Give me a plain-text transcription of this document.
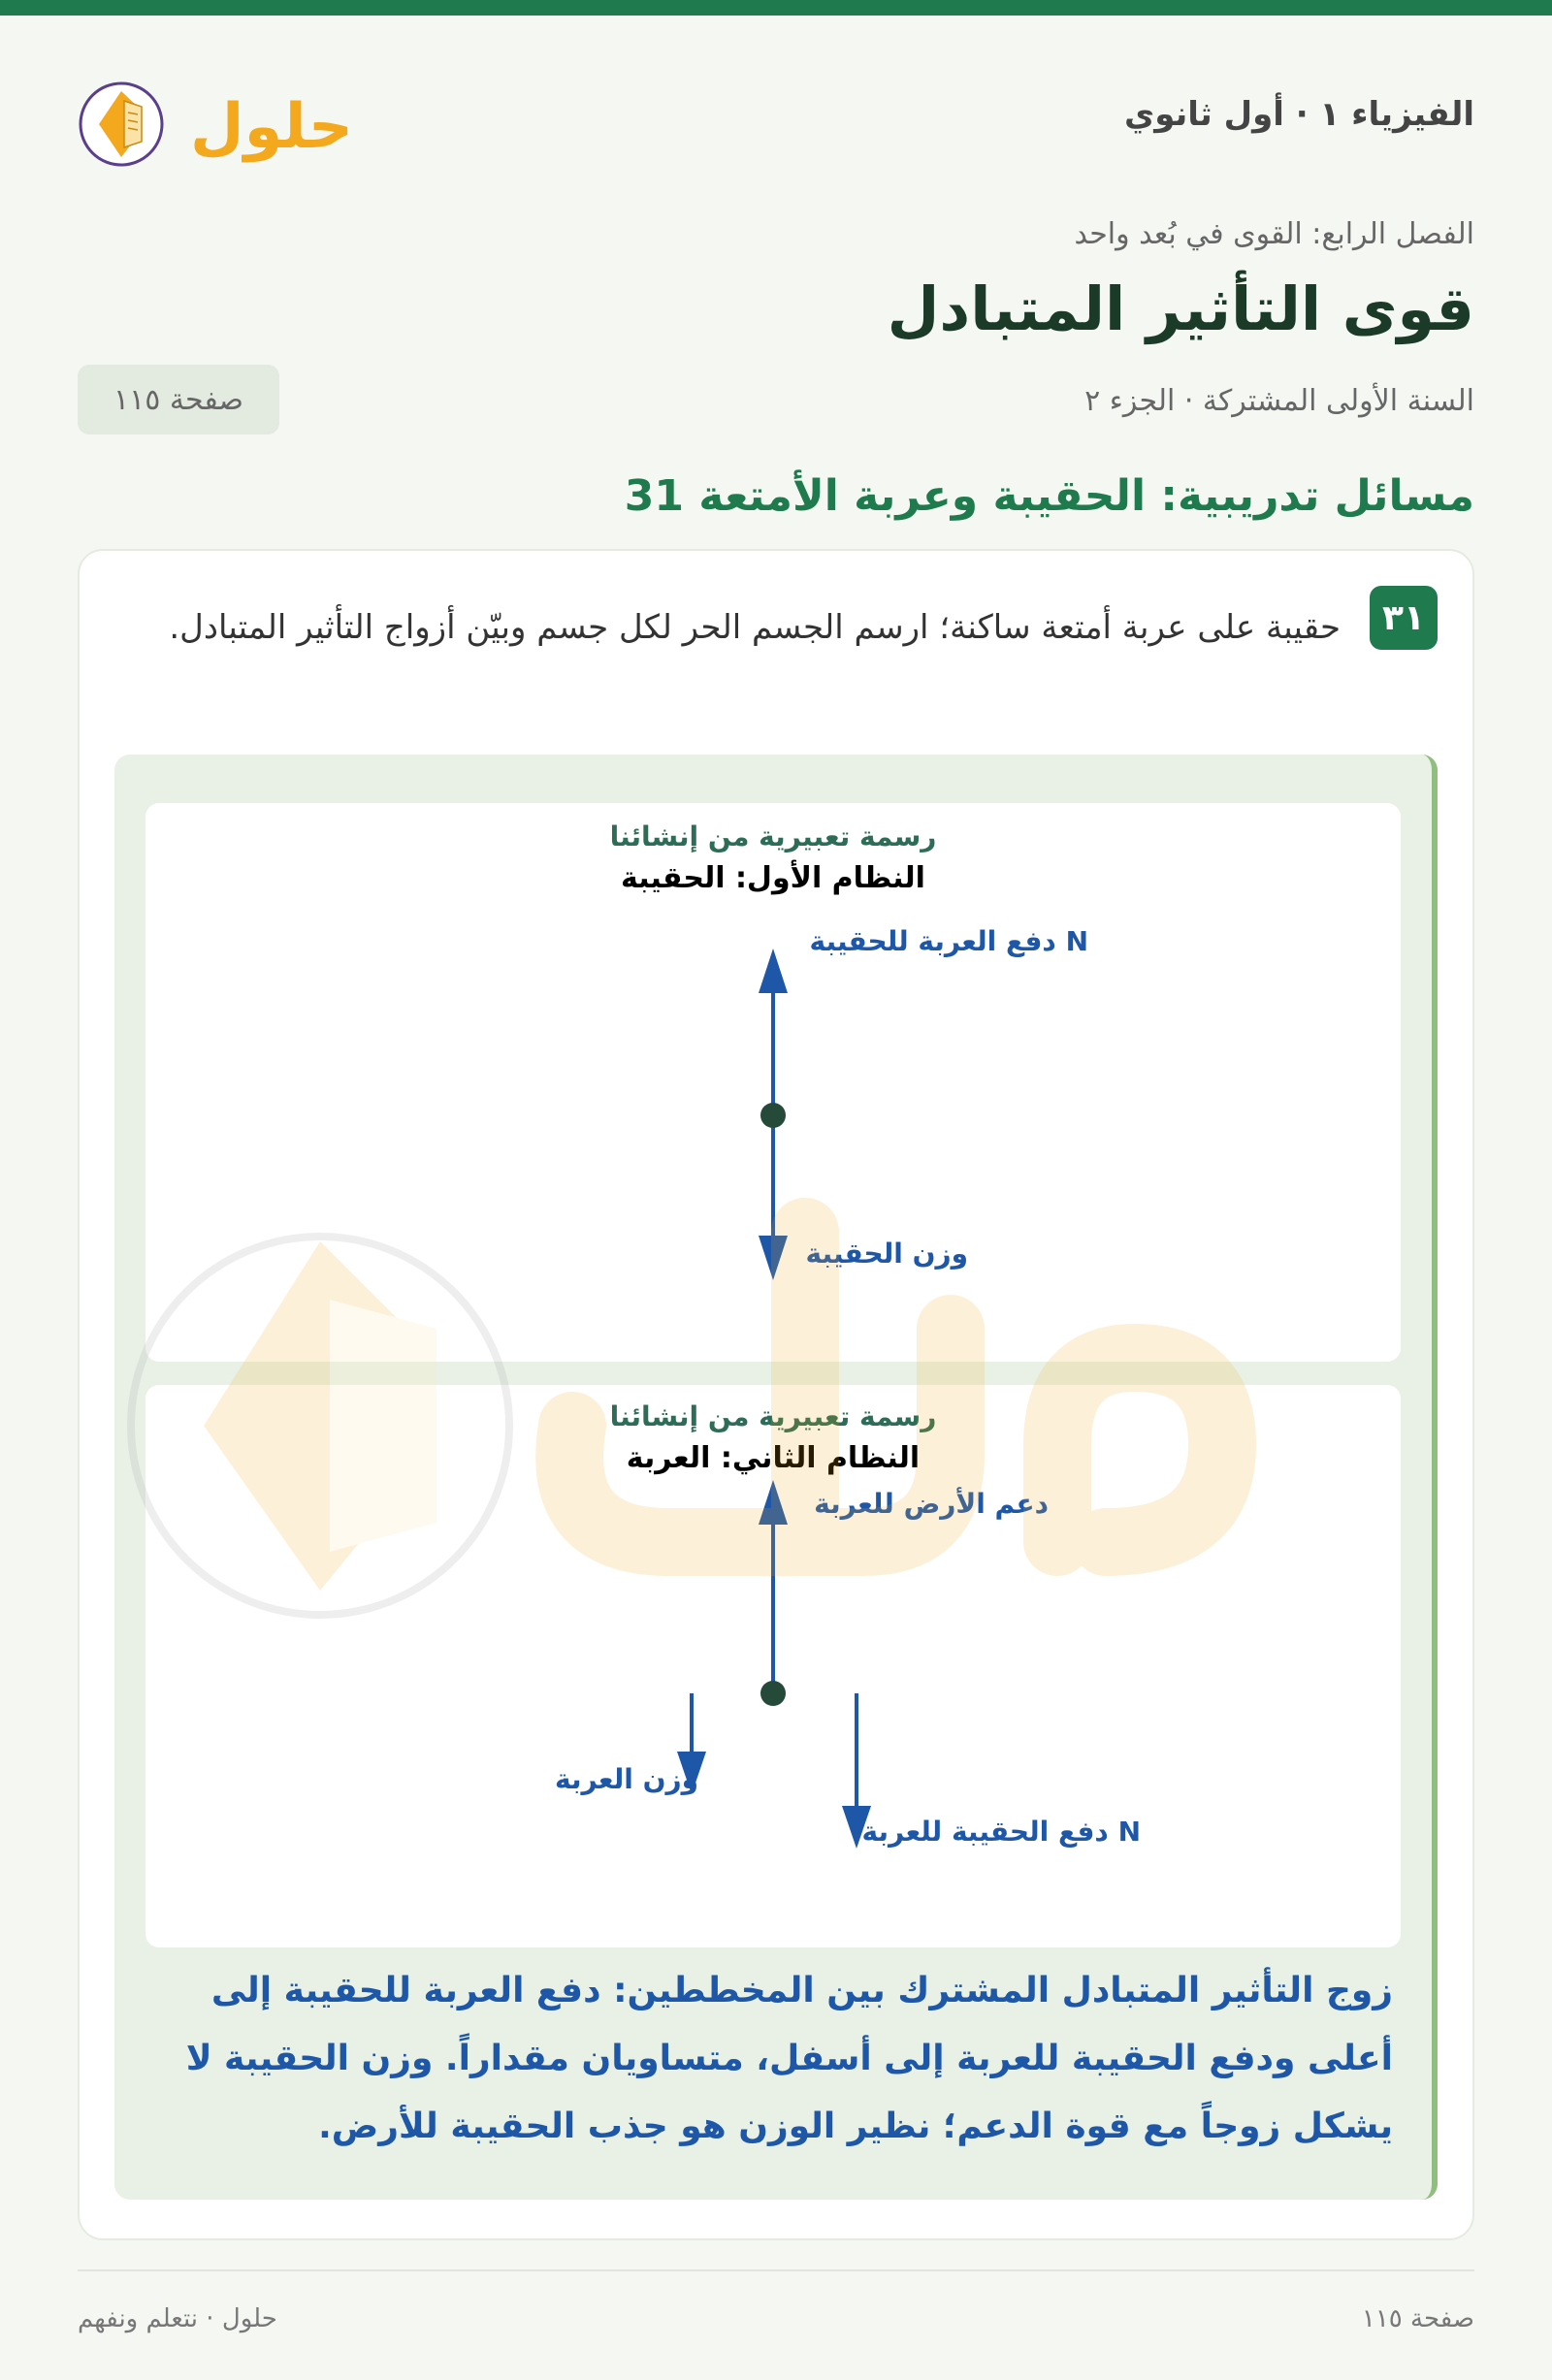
الفيزياء ١ · أول ثانوي
حلول
الفصل الرابع: القوى في بُعد واحد
قوى التأثير المتبادل
السنة الأولى المشتركة · الجزء ٢
صفحة ١١٥
مسائل تدريبية: الحقيبة وعربة الأمتعة 31
٣١
حقيبة على عربة أمتعة ساكنة؛ ارسم الجسم الحر لكل جسم وبيّن أزواج التأثير المتبادل.
رسمة تعبيرية من إنشائنا
النظام الأول: الحقيبة
N دفع العربة للحقيبة
وزن الحقيبة
رسمة تعبيرية من إنشائنا
النظام الثاني: العربة
دعم الأرض للعربة
وزن العربة
N دفع الحقيبة للعربة
زوج التأثير المتبادل المشترك بين المخططين: دفع العربة للحقيبة إلى أعلى ودفع الحقيبة للعربة إلى أسفل، متساويان مقداراً. وزن الحقيبة لا يشكل زوجاً مع قوة الدعم؛ نظير الوزن هو جذب الحقيبة للأرض.
حلول · نتعلم ونفهم	صفحة ١١٥
